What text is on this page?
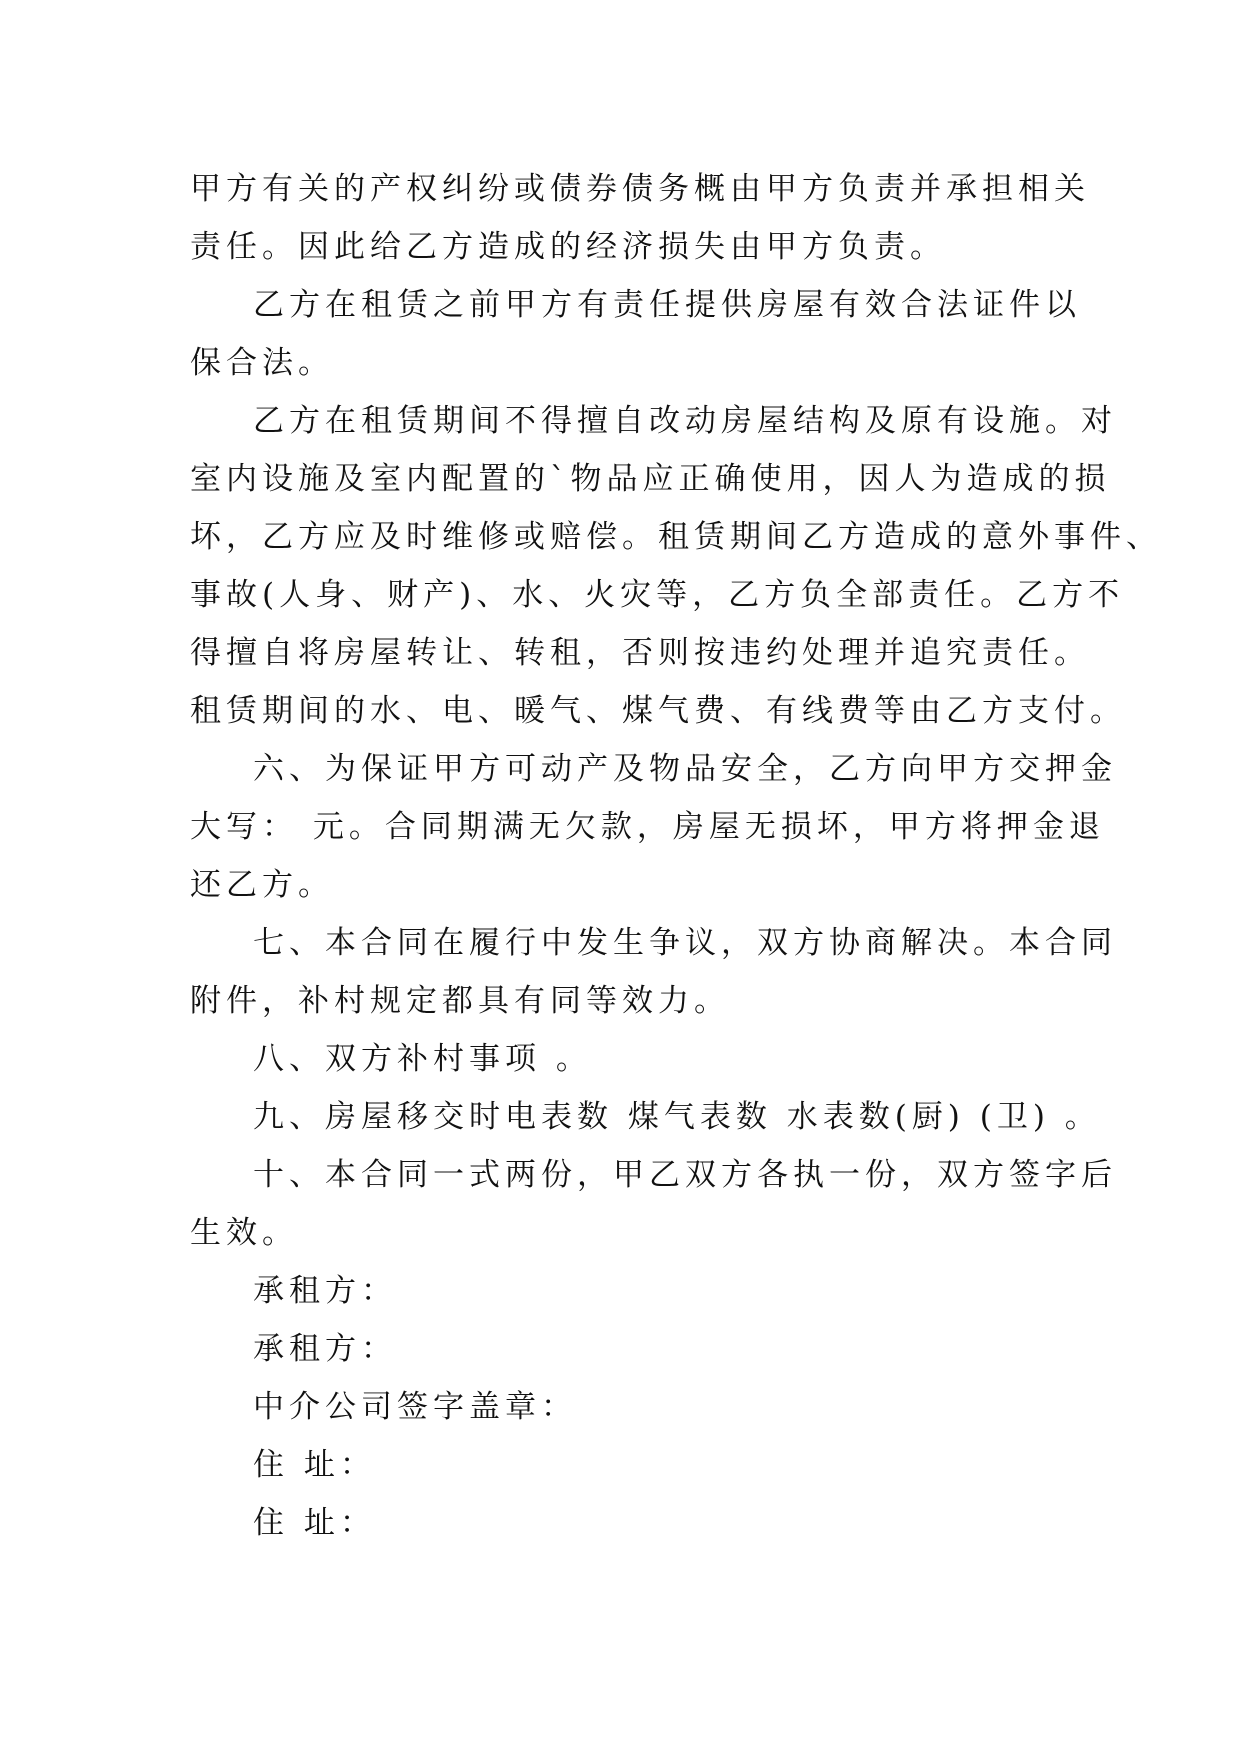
甲方有关的产权纠纷或债券债务概由甲方负责并承担相关
责任。因此给乙方造成的经济损失由甲方负责。
乙方在租赁之前甲方有责任提供房屋有效合法证件以
保合法。
乙方在租赁期间不得擅自改动房屋结构及原有设施。对
室内设施及室内配置的`物品应正确使用，因人为造成的损
坏，乙方应及时维修或赔偿。租赁期间乙方造成的意外事件、
事故(人身、财产)、水、火灾等，乙方负全部责任。乙方不
得擅自将房屋转让、转租，否则按违约处理并追究责任。
租赁期间的水、电、暖气、煤气费、有线费等由乙方支付。
六、为保证甲方可动产及物品安全，乙方向甲方交押金
大写： 元。合同期满无欠款，房屋无损坏，甲方将押金退
还乙方。
七、本合同在履行中发生争议，双方协商解决。本合同
附件，补村规定都具有同等效力。
八、双方补村事项 。
九、房屋移交时电表数 煤气表数 水表数(厨) (卫) 。
十、本合同一式两份，甲乙双方各执一份，双方签字后
生效。
承租方：
承租方：
中介公司签字盖章：
住 址：
住 址：
